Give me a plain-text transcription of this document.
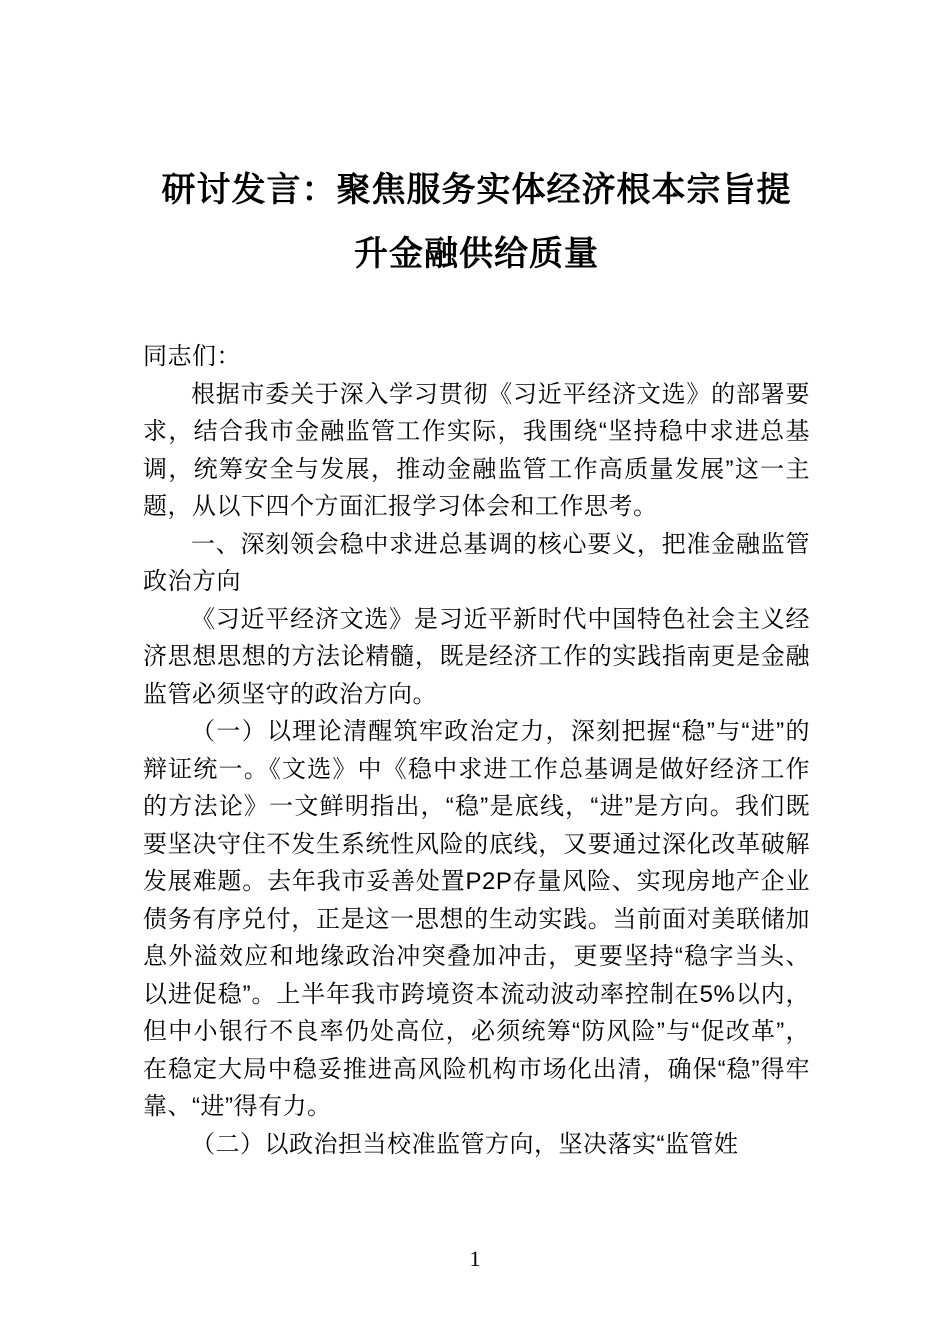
研讨发言：聚焦服务实体经济根本宗旨提
升金融供给质量

同志们：

根据市委关于深入学习贯彻《习近平经济文选》的部署要求，结合我市金融监管工作实际，我围绕“坚持稳中求进总基调，统筹安全与发展，推动金融监管工作高质量发展”这一主题，从以下四个方面汇报学习体会和工作思考。

一、深刻领会稳中求进总基调的核心要义，把准金融监管政治方向

《习近平经济文选》是习近平新时代中国特色社会主义经济思想思想的方法论精髓，既是经济工作的实践指南更是金融监管必须坚守的政治方向。

（一）以理论清醒筑牢政治定力，深刻把握“稳”与“进”的辩证统一。《文选》中《稳中求进工作总基调是做好经济工作的方法论》一文鲜明指出，“稳”是底线，“进”是方向。我们既要坚决守住不发生系统性风险的底线，又要通过深化改革破解发展难题。去年我市妥善处置P2P存量风险、实现房地产企业债务有序兑付，正是这一思想的生动实践。当前面对美联储加息外溢效应和地缘政治冲突叠加冲击，更要坚持“稳字当头、以进促稳”。上半年我市跨境资本流动波动率控制在5%以内，但中小银行不良率仍处高位，必须统筹“防风险”与“促改革”，在稳定大局中稳妥推进高风险机构市场化出清，确保“稳”得牢靠、“进”得有力。

（二）以政治担当校准监管方向，坚决落实“监管姓

1
